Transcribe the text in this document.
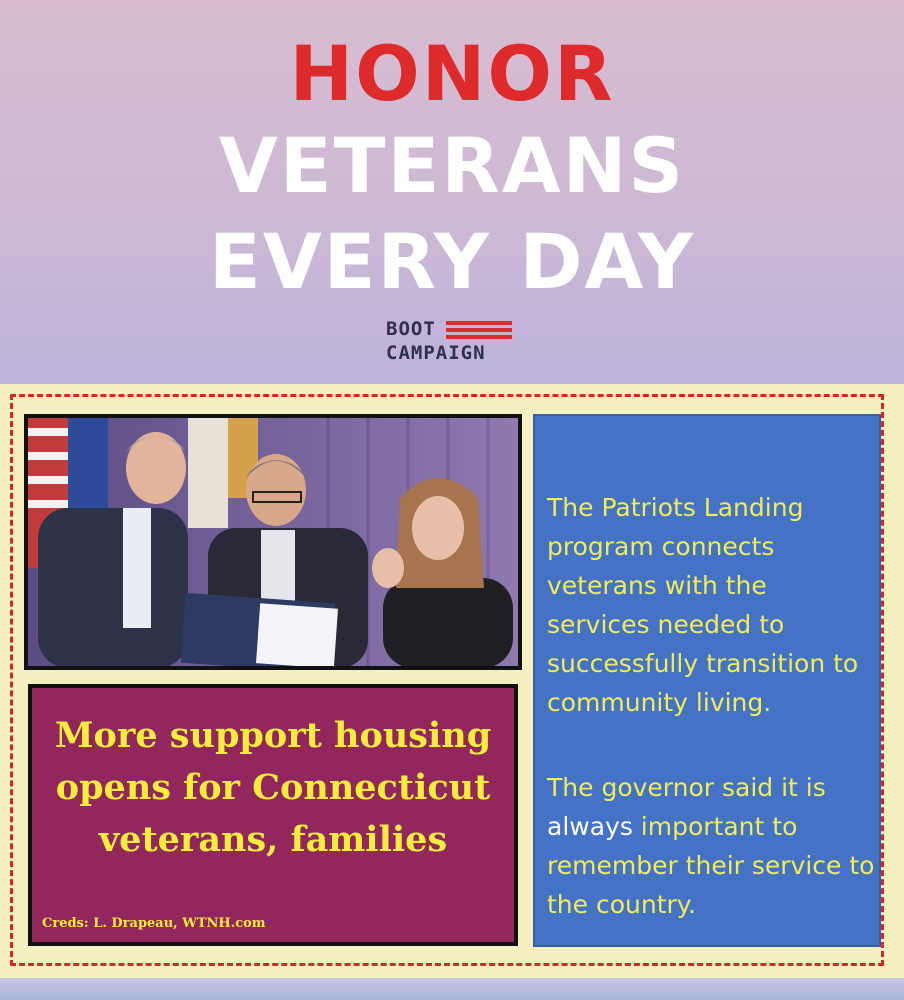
HONOR
VETERANS
EVERY DAY
BOOT
CAMPAIGN
More support housing opens for Connecticut veterans, families
Creds: L. Drapeau, WTNH.com
The Patriots Landing program connects veterans with the services needed to successfully transition to community living.
The governor said it is always important to remember their service to the country.
